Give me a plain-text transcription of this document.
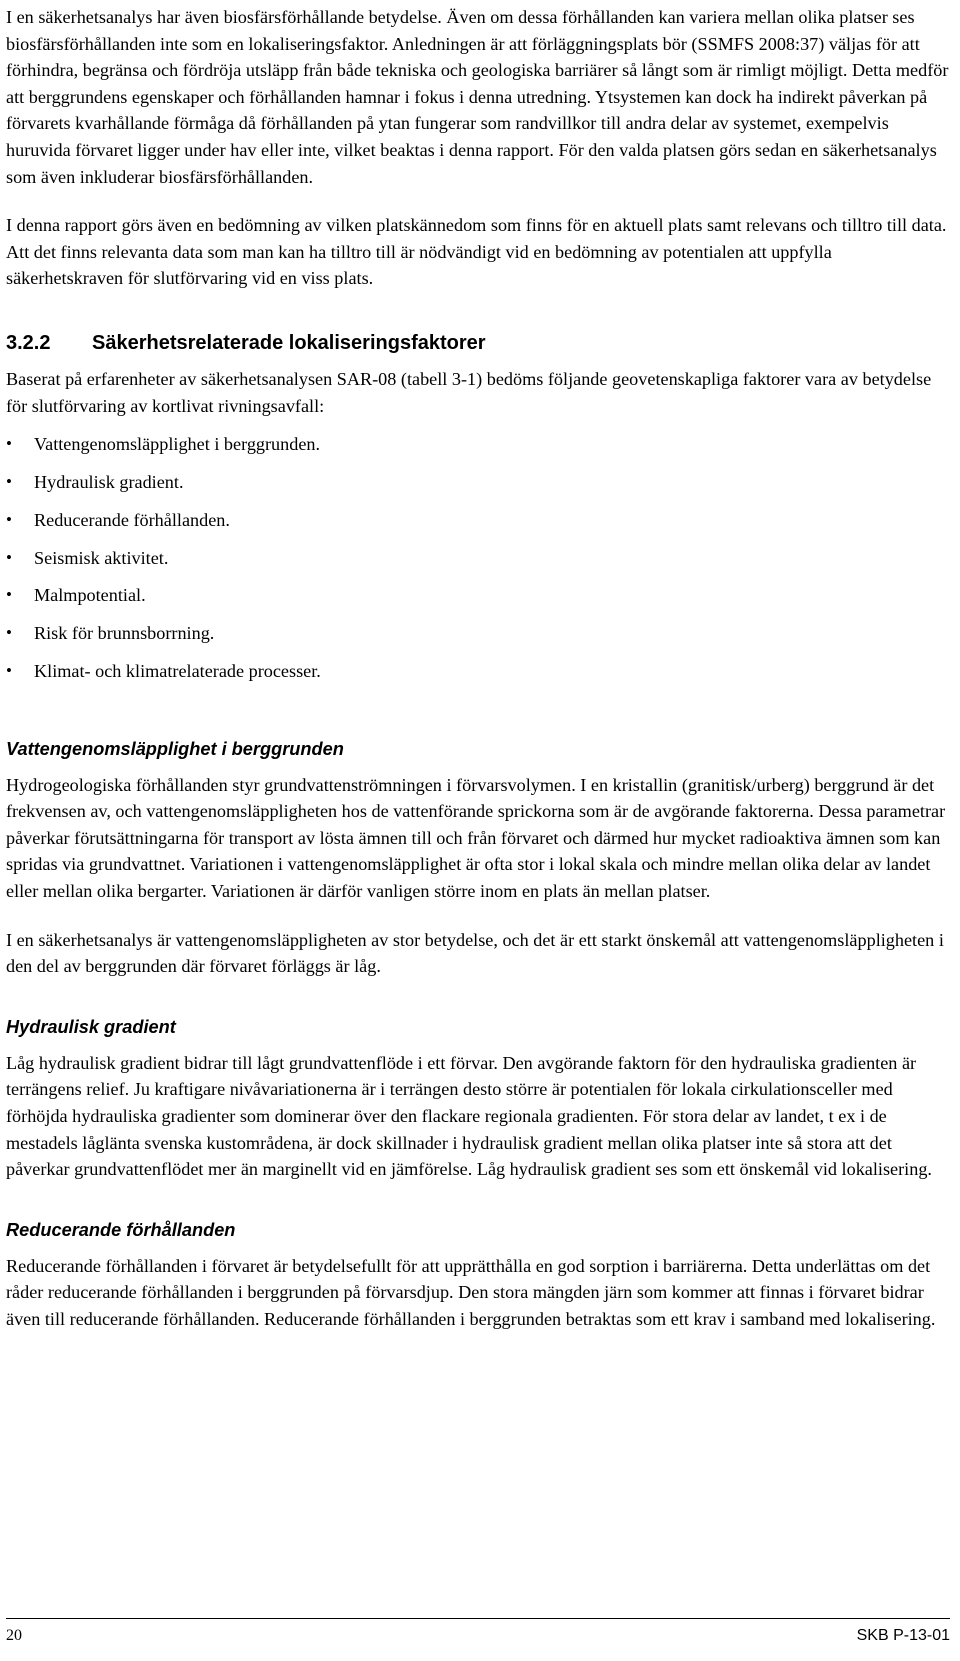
I en säkerhetsanalys har även biosfärsförhållande betydelse. Även om dessa förhållanden kan variera mellan olika platser ses biosfärsförhållanden inte som en lokaliseringsfaktor. Anledningen är att förläggningsplats bör (SSMFS 2008:37) väljas för att förhindra, begränsa och fördröja utsläpp från både tekniska och geologiska barriärer så långt som är rimligt möjligt. Detta medför att berggrundens egenskaper och förhållanden hamnar i fokus i denna utredning. Ytsystemen kan dock ha indirekt påverkan på förvarets kvarhållande förmåga då förhållanden på ytan fungerar som randvillkor till andra delar av systemet, exempelvis huruvida förvaret ligger under hav eller inte, vilket beaktas i denna rapport. För den valda platsen görs sedan en säkerhetsanalys som även inkluderar biosfärsförhållanden.

I denna rapport görs även en bedömning av vilken platskännedom som finns för en aktuell plats samt relevans och tilltro till data. Att det finns relevanta data som man kan ha tilltro till är nödvändigt vid en bedömning av potentialen att uppfylla säkerhetskraven för slutförvaring vid en viss plats.

3.2.2	Säkerhetsrelaterade lokaliseringsfaktorer

Baserat på erfarenheter av säkerhetsanalysen SAR-08 (tabell 3-1) bedöms följande geovetenskapliga faktorer vara av betydelse för slutförvaring av kortlivat rivningsavfall:

•	Vattengenomsläpplighet i berggrunden.
•	Hydraulisk gradient.
•	Reducerande förhållanden.
•	Seismisk aktivitet.
•	Malmpotential.
•	Risk för brunnsborrning.
•	Klimat- och klimatrelaterade processer.
Vattengenomsläpplighet i berggrunden

Hydrogeologiska förhållanden styr grundvattenströmningen i förvarsvolymen. I en kristallin (granitisk/urberg) berggrund är det frekvensen av, och vattengenomsläppligheten hos de vattenförande sprickorna som är de avgörande faktorerna. Dessa parametrar påverkar förutsättningarna för transport av lösta ämnen till och från förvaret och därmed hur mycket radioaktiva ämnen som kan spridas via grundvattnet. Variationen i vattengenomsläpplighet är ofta stor i lokal skala och mindre mellan olika delar av landet eller mellan olika bergarter. Variationen är därför vanligen större inom en plats än mellan platser.

I en säkerhetsanalys är vattengenomsläppligheten av stor betydelse, och det är ett starkt önskemål att vattengenomsläppligheten i den del av berggrunden där förvaret förläggs är låg.

Hydraulisk gradient

Låg hydraulisk gradient bidrar till lågt grundvattenflöde i ett förvar. Den avgörande faktorn för den hydrauliska gradienten är terrängens relief. Ju kraftigare nivåvariationerna är i terrängen desto större är potentialen för lokala cirkulationsceller med förhöjda hydrauliska gradienter som dominerar över den flackare regionala gradienten. För stora delar av landet, t ex i de mestadels låglänta svenska kustområdena, är dock skillnader i hydraulisk gradient mellan olika platser inte så stora att det påverkar grundvattenflödet mer än marginellt vid en jämförelse. Låg hydraulisk gradient ses som ett önskemål vid lokalisering.

Reducerande förhållanden

Reducerande förhållanden i förvaret är betydelsefullt för att upprätthålla en god sorption i barriärerna. Detta underlättas om det råder reducerande förhållanden i berggrunden på förvarsdjup. Den stora mängden järn som kommer att finnas i förvaret bidrar även till reducerande förhållanden. Reducerande förhållanden i berggrunden betraktas som ett krav i samband med lokalisering.

20	SKB P-13-01
